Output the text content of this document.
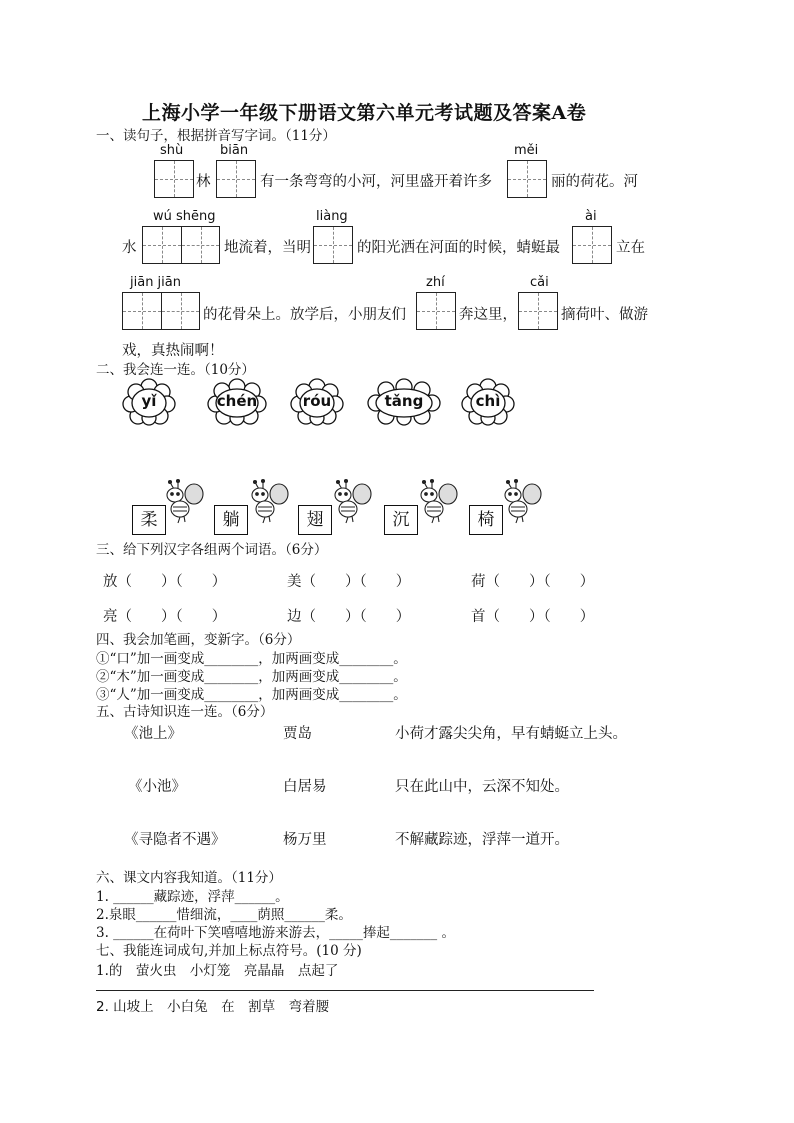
上海小学一年级下册语文第六单元考试题及答案A卷
一、读句子，根据拼音写字词。（11分）
shù	biān	měi
林	有一条弯弯的小河，河里盛开着许多	丽的荷花。河
wú shēng	liàng	ài
水	地流着，当明	的阳光洒在河面的时候，蜻蜓最	立在
jiān jiān	zhí	cǎi
的花骨朵上。放学后，小朋友们	奔这里，	摘荷叶、做游
戏，真热闹啊！
二、我会连一连。（10分）
yǐ	chén	róu	tǎng	chì
柔	躺	翅	沉	椅
三、给下列汉字各组两个词语。（6分）
放（　　）（　　）	美（　　）（　　）	荷（　　）（　　）
亮（　　）（　　）	边（　　）（　　）	首（　　）（　　）
四、我会加笔画，变新字。（6分）
①“口”加一画变成________，加两画变成________。
②“木”加一画变成________，加两画变成________。
③“人”加一画变成________，加两画变成________。
五、古诗知识连一连。（6分）
《池上》	贾岛	小荷才露尖尖角，早有蜻蜓立上头。
《小池》	白居易	只在此山中，云深不知处。
《寻隐者不遇》	杨万里	不解藏踪迹，浮萍一道开。
六、课文内容我知道。（11分）
1. ______藏踪迹，浮萍______。
2.泉眼______惜细流，____荫照______柔。
3. ______在荷叶下笑嘻嘻地游来游去，_____捧起_______ 。
七、我能连词成句,并加上标点符号。(10 分)
1.的　萤火虫　小灯笼　亮晶晶　点起了
2. 山坡上　小白兔　在　割草　弯着腰
